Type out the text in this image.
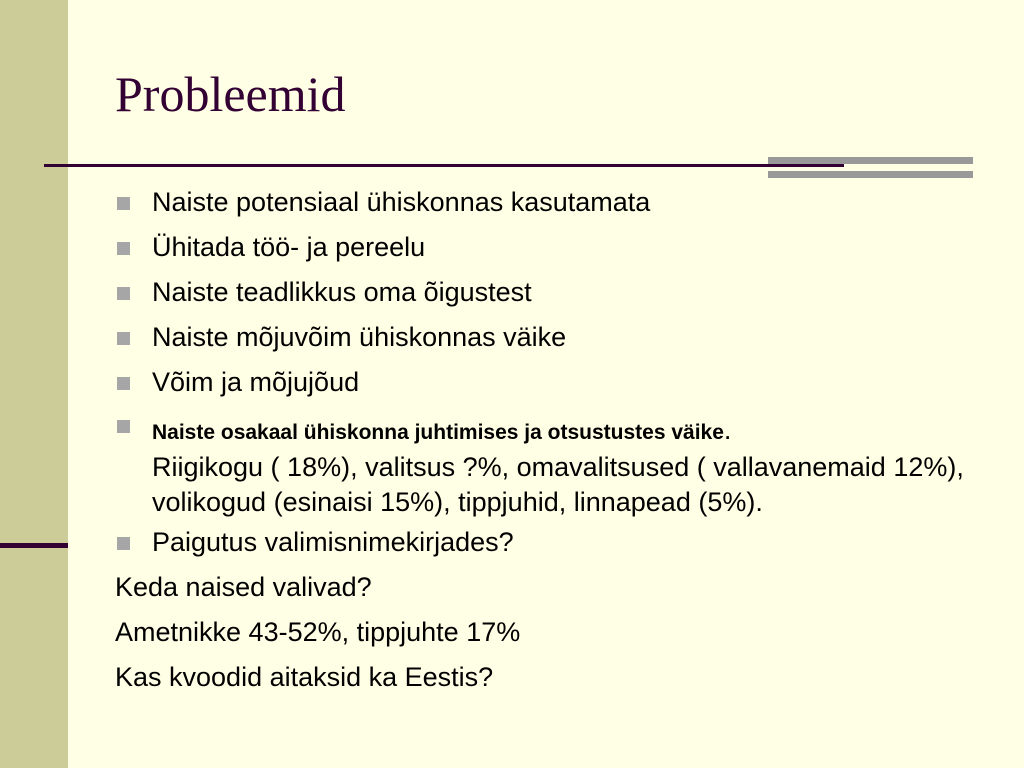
Probleemid
Naiste potensiaal ühiskonnas kasutamata
Ühitada töö- ja pereelu
Naiste teadlikkus oma õigustest
Naiste mõjuvõim ühiskonnas väike
Võim ja mõjujõud
Naiste osakaal ühiskonna juhtimises ja otsustustes väike.
Riigikogu ( 18%), valitsus ?%, omavalitsused ( vallavanemaid 12%), volikogud (esinaisi 15%), tippjuhid, linnapead (5%).
Paigutus valimisnimekirjades?
Keda naised valivad?
Ametnikke 43-52%, tippjuhte 17%
Kas kvoodid aitaksid ka Eestis?
